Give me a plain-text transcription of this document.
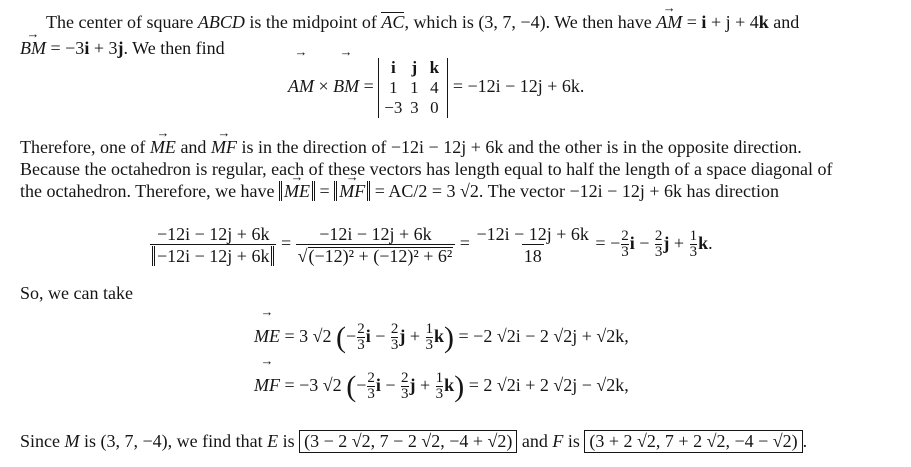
The center of square ABCD is the midpoint of AC, which is (3, 7, −4). We then have AM → = i + j + 4k and
BM → = −3i + 3j. We then find
AM → × BM → =
i j k
1 1 4
−3 3 0
= −12i − 12j + 6k.
Therefore, one of ME → and MF → is in the direction of −12i − 12j + 6k and the other is in the opposite direction.
Because the octahedron is regular, each of these vectors has length equal to half the length of a space diagonal of
the octahedron. Therefore, we have ME → = MF → = AC/2 = 3 √2. The vector −12i − 12j + 6k has direction
$\frac{-12i - 12j + 6k}{-12i - 12j + 6k} = \frac{-12i - 12j + 6k}{\text{√(−12)² + (−12)² + 6²}} = \frac{-12i - 12j + 6k}{18}$ = − $\frac{2}{3}$ $i - \frac{2}{3}$ $j + \frac{1}{3} k$.
So, we can take
ME → = 3 √2 (− $\frac{2}{3}$ $i - \frac{2}{3}$ $j + \frac{1}{3} k) = -2$ √2i − 2 √2j + √2k,
MF → = −3 √2 (− $\frac{2}{3}$ $i - \frac{2}{3}$ $j + \frac{1}{3} k) = 2$ √2i + 2 √2j − √2k,
Since M is (3, 7, −4), we find that E is (3 − 2 √2, 7 − 2 √2, −4 + √2) and F is (3 + 2 √2, 7 + 2 √2, −4 − √2) .
